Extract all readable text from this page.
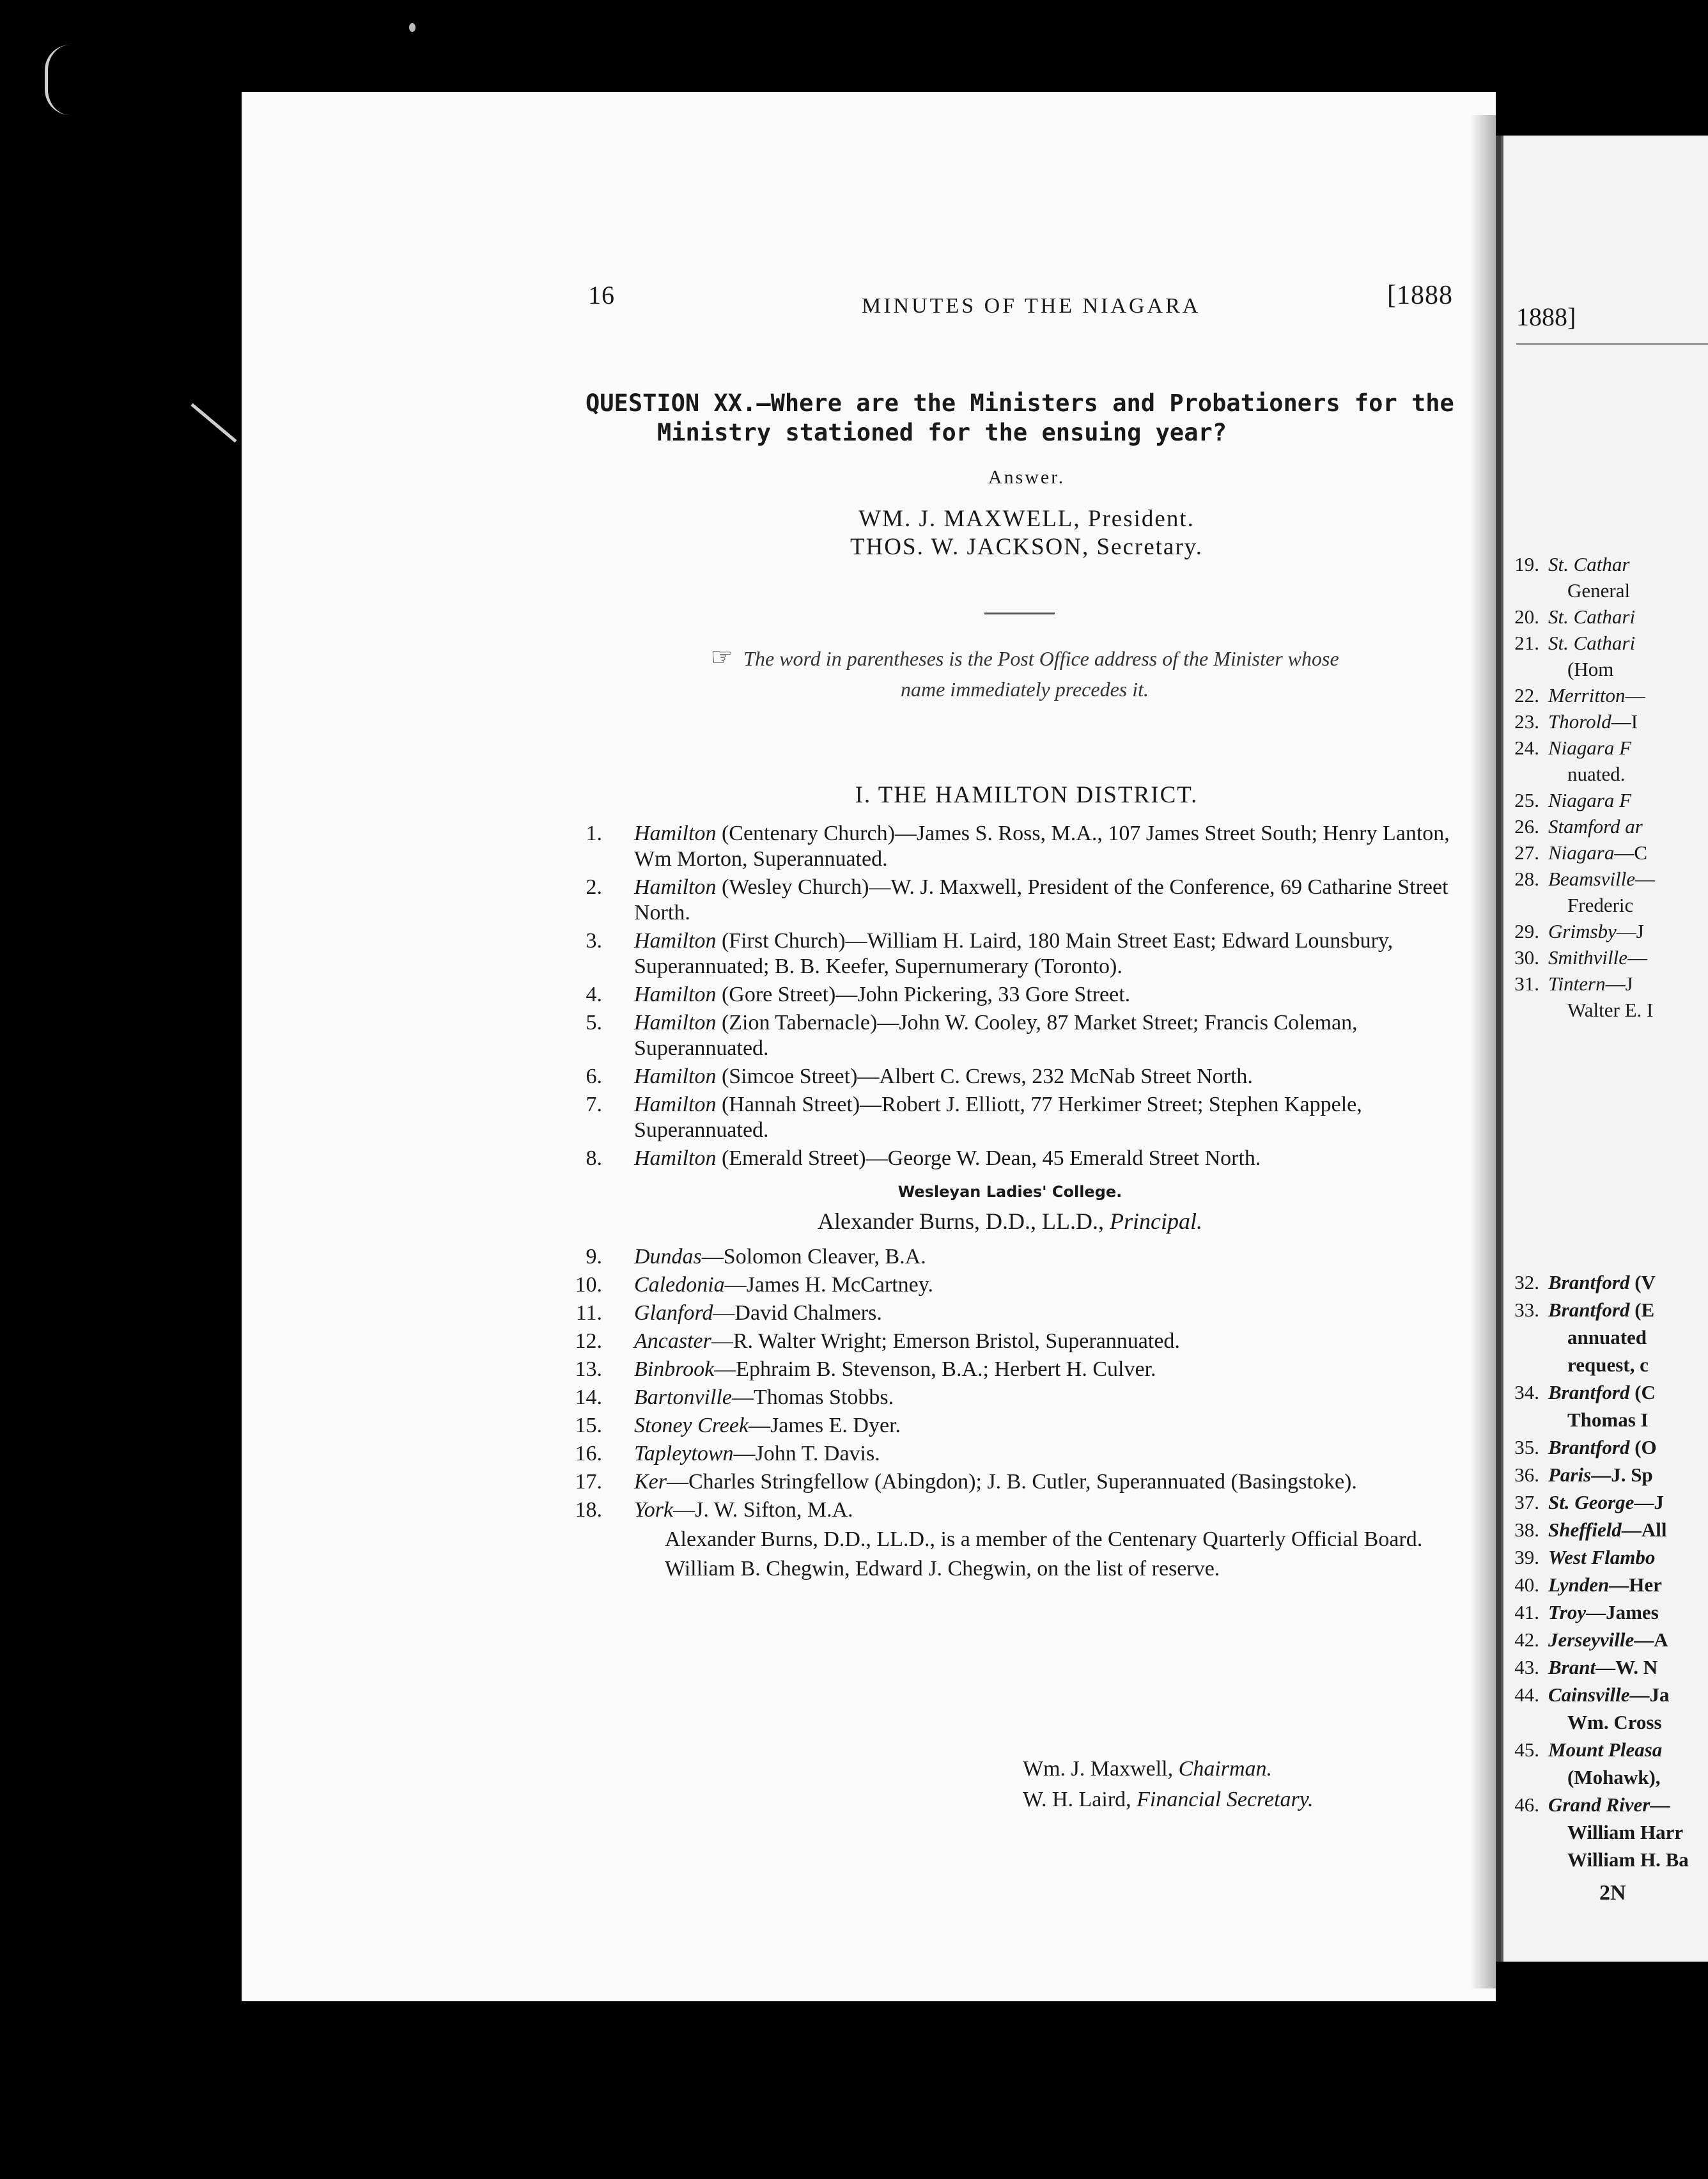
1888]
19. St. Cathar
General
20. St. Cathari
21. St. Cathari
(Hom
22. Merritton—
23. Thorold—I
24. Niagara F
nuated.
25. Niagara F
26. Stamford ar
27. Niagara—C
28. Beamsville—
Frederic
29. Grimsby—J
30. Smithville—
31. Tintern—J
Walter E. I
32. Brantford (V
33. Brantford (E
annuated
request, c
34. Brantford (C
Thomas I
35. Brantford (O
36. Paris—J. Sp
37. St. George—J
38. Sheffield—All
39. West Flambo
40. Lynden—Her
41. Troy—James
42. Jerseyville—A
43. Brant—W. N
44. Cainsville—Ja
Wm. Cross
45. Mount Pleasa
(Mohawk),
46. Grand River—
William Harr
William H. Ba
2N
16	MINUTES OF THE NIAGARA	[1888
QUESTION XX.—Where are the Ministers and Probationers for the
Ministry stationed for the ensuing year?
Answer.
WM. J. MAXWELL, President.
THOS. W. JACKSON, Secretary.
☞ The word in parentheses is the Post Office address of the Minister whose
name immediately precedes it.
I. THE HAMILTON DISTRICT.
1. Hamilton (Centenary Church)—James S. Ross, M.A., 107 James Street South; Henry Lanton, Wm Morton, Superannuated.
2. Hamilton (Wesley Church)—W. J. Maxwell, President of the Conference, 69 Catharine Street North.
3. Hamilton (First Church)—William H. Laird, 180 Main Street East; Edward Lounsbury, Superannuated; B. B. Keefer, Supernumerary (Toronto).
4. Hamilton (Gore Street)—John Pickering, 33 Gore Street.
5. Hamilton (Zion Tabernacle)—John W. Cooley, 87 Market Street; Francis Coleman, Superannuated.
6. Hamilton (Simcoe Street)—Albert C. Crews, 232 McNab Street North.
7. Hamilton (Hannah Street)—Robert J. Elliott, 77 Herkimer Street; Stephen Kappele, Superannuated.
8. Hamilton (Emerald Street)—George W. Dean, 45 Emerald Street North.
Wesleyan Ladies' College.
Alexander Burns, D.D., LL.D., Principal.
9. Dundas—Solomon Cleaver, B.A.
10. Caledonia—James H. McCartney.
11. Glanford—David Chalmers.
12. Ancaster—R. Walter Wright; Emerson Bristol, Superannuated.
13. Binbrook—Ephraim B. Stevenson, B.A.; Herbert H. Culver.
14. Bartonville—Thomas Stobbs.
15. Stoney Creek—James E. Dyer.
16. Tapleytown—John T. Davis.
17. Ker—Charles Stringfellow (Abingdon); J. B. Cutler, Superannuated (Basingstoke).
18. York—J. W. Sifton, M.A.
Alexander Burns, D.D., LL.D., is a member of the Centenary Quarterly Official Board.
William B. Chegwin, Edward J. Chegwin, on the list of reserve.
Wm. J. Maxwell, Chairman.
W. H. Laird, Financial Secretary.
